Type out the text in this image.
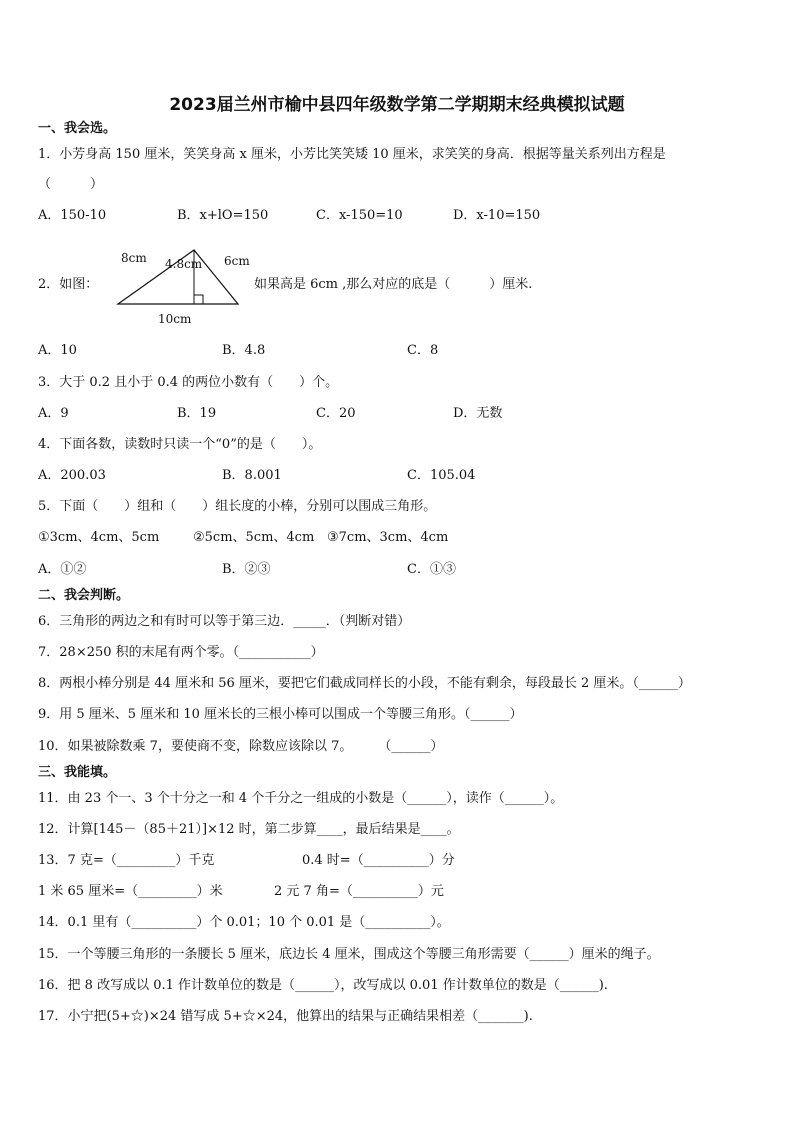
2023届兰州市榆中县四年级数学第二学期期末经典模拟试题
一、我会选。
1．小芳身高 150 厘米，笑笑身高 x 厘米，小芳比笑笑矮 10 厘米，求笑笑的身高．根据等量关系列出方程是
（　　　）
A．150-10	B．x+lO=150	C．x-150=10	D．x-10=150
2．如图：
8cm 4.8cm 6cm
10cm
如果高是 6cm ,那么对应的底是（　　　）厘米.
A．10	B．4.8	C．8
3．大于 0.2 且小于 0.4 的两位小数有（　　）个。
A．9	B．19	C．20	D．无数
4．下面各数，读数时只读一个“0”的是（　　）。
A．200.03	B．8.001	C．105.04
5．下面（　　）组和（　　）组长度的小棒，分别可以围成三角形。
①3cm、4cm、5cm	②5cm、5cm、4cm ③7cm、3cm、4cm
A．①②	B．②③	C．①③
二、我会判断。
6．三角形的两边之和有时可以等于第三边．_____．（判断对错）
7．28×250 积的末尾有两个零。（___________）
8．两根小棒分别是 44 厘米和 56 厘米，要把它们截成同样长的小段，不能有剩余，每段最长 2 厘米。（______）
9．用 5 厘米、5 厘米和 10 厘米长的三根小棒可以围成一个等腰三角形。（______）
10．如果被除数乘 7，要使商不变，除数应该除以 7。　　　（______）
三、我能填。
11．由 23 个一、3 个十分之一和 4 个千分之一组成的小数是（______），读作（______）。
12．计算[145－（85＋21）]×12 时，第二步算____，最后结果是____。
13．7 克=（_________）千克	0.4 时=（__________）分
1 米 65 厘米=（_________）米	2 元 7 角=（__________）元
14．0.1 里有（__________）个 0.01；10 个 0.01 是（__________）。
15．一个等腰三角形的一条腰长 5 厘米，底边长 4 厘米，围成这个等腰三角形需要（______）厘米的绳子。
16．把 8 改写成以 0.1 作计数单位的数是（______），改写成以 0.01 作计数单位的数是（______).
17．小宁把(5+☆)×24 错写成 5+☆×24，他算出的结果与正确结果相差（_______).
